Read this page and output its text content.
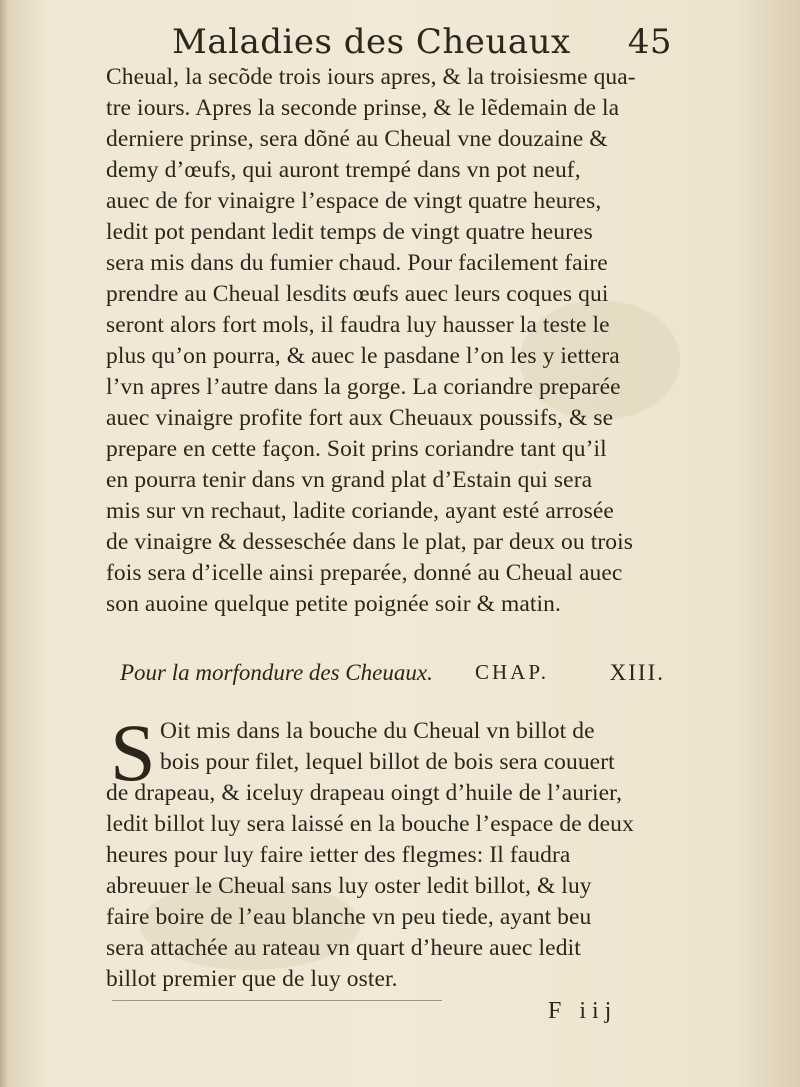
Maladies des Cheuaux 45
Cheual, la secõde trois iours apres, & la troisiesme qua-
tre iours. Apres la seconde prinse, & le lẽdemain de la
derniere prinse, sera dõné au Cheual vne douzaine &
demy d’œufs, qui auront trempé dans vn pot neuf,
auec de for vinaigre l’espace de vingt quatre heures,
ledit pot pendant ledit temps de vingt quatre heures
sera mis dans du fumier chaud. Pour facilement faire
prendre au Cheual lesdits œufs auec leurs coques qui
seront alors fort mols, il faudra luy hausser la teste le
plus qu’on pourra, & auec le pasdane l’on les y iettera
l’vn apres l’autre dans la gorge. La coriandre preparée
auec vinaigre profite fort aux Cheuaux poussifs, & se
prepare en cette façon. Soit prins coriandre tant qu’il
en pourra tenir dans vn grand plat d’Estain qui sera
mis sur vn rechaut, ladite coriande, ayant esté arrosée
de vinaigre & desseschée dans le plat, par deux ou trois
fois sera d’icelle ainsi preparée, donné au Cheual auec
son auoine quelque petite poignée soir & matin.
Pour la morfondure des Cheuaux. CHAP.	XIII.
S Oit mis dans la bouche du Cheual vn billot de
bois pour filet, lequel billot de bois sera couuert
de drapeau, & iceluy drapeau oingt d’huile de l’aurier,
ledit billot luy sera laissé en la bouche l’espace de deux
heures pour luy faire ietter des flegmes: Il faudra
abreuuer le Cheual sans luy oster ledit billot, & luy
faire boire de l’eau blanche vn peu tiede, ayant beu
sera attachée au rateau vn quart d’heure auec ledit
billot premier que de luy oster.
F iij
